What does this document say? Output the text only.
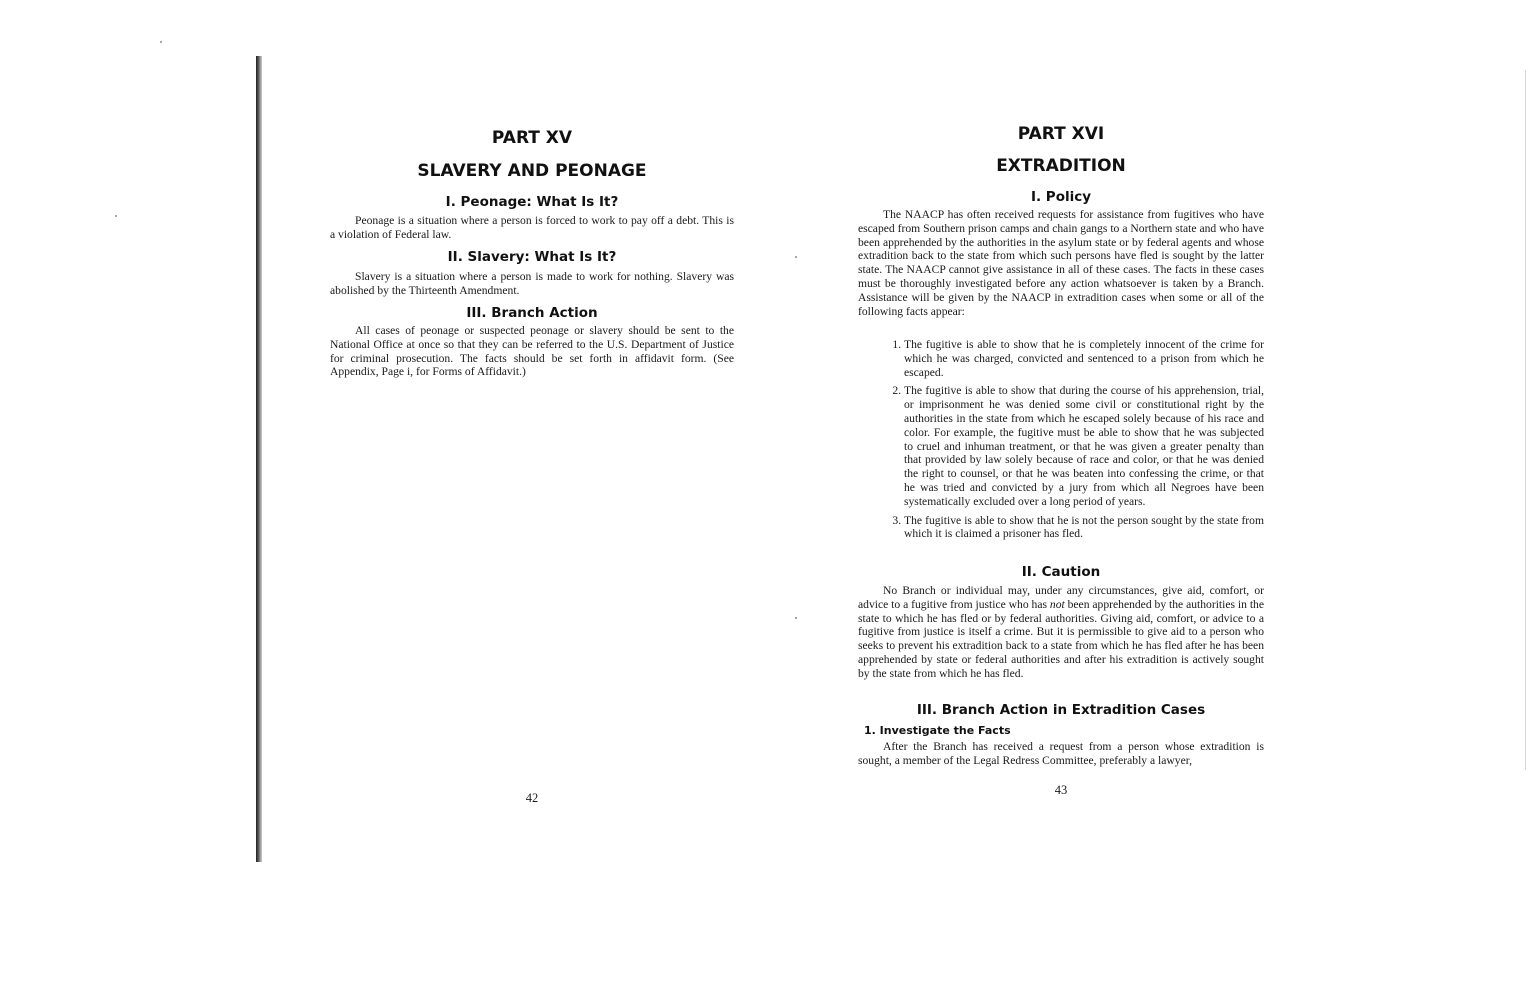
PART XV
SLAVERY AND PEONAGE
I. Peonage: What Is It?

Peonage is a situation where a person is forced to work to pay off a debt. This is a violation of Federal law.

II. Slavery: What Is It?

Slavery is a situation where a person is made to work for nothing. Slavery was abolished by the Thirteenth Amendment.

III. Branch Action

All cases of peonage or suspected peonage or slavery should be sent to the National Office at once so that they can be referred to the U.S. Department of Justice for criminal prosecution. The facts should be set forth in affidavit form. (See Appendix, Page i, for Forms of Affidavit.)

42

PART XVI
EXTRADITION
I. Policy

The NAACP has often received requests for assistance from fugitives who have escaped from Southern prison camps and chain gangs to a Northern state and who have been apprehended by the authorities in the asylum state or by federal agents and whose extradition back to the state from which such persons have fled is sought by the latter state. The NAACP cannot give assistance in all of these cases. The facts in these cases must be thoroughly investigated before any action whatsoever is taken by a Branch. Assistance will be given by the NAACP in extradition cases when some or all of the following facts appear:

1. The fugitive is able to show that he is completely innocent of the crime for which he was charged, convicted and sentenced to a prison from which he escaped.
2. The fugitive is able to show that during the course of his apprehension, trial, or imprisonment he was denied some civil or constitutional right by the authorities in the state from which he escaped solely because of his race and color. For example, the fugitive must be able to show that he was subjected to cruel and inhuman treatment, or that he was given a greater penalty than that provided by law solely because of race and color, or that he was denied the right to counsel, or that he was beaten into confessing the crime, or that he was tried and convicted by a jury from which all Negroes have been systematically excluded over a long period of years.
3. The fugitive is able to show that he is not the person sought by the state from which it is claimed a prisoner has fled.
II. Caution

No Branch or individual may, under any circumstances, give aid, comfort, or advice to a fugitive from justice who has not been apprehended by the authorities in the state to which he has fled or by federal authorities. Giving aid, comfort, or advice to a fugitive from justice is itself a crime. But it is permissible to give aid to a person who seeks to prevent his extradition back to a state from which he has fled after he has been apprehended by state or federal authorities and after his extradition is actively sought by the state from which he has fled.

III. Branch Action in Extradition Cases
1. Investigate the Facts

After the Branch has received a request from a person whose extradition is sought, a member of the Legal Redress Committee, preferably a lawyer,

43
